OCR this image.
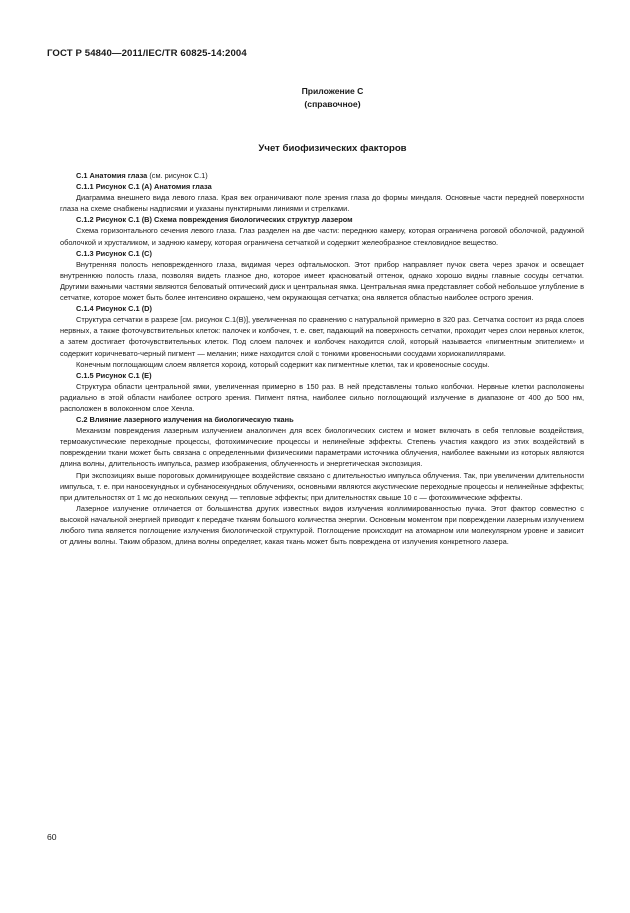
ГОСТ Р 54840—2011/IEC/TR 60825-14:2004
Приложение С
(справочное)
Учет биофизических факторов

С.1 Анатомия глаза (см. рисунок С.1)

С.1.1 Рисунок С.1 (А) Анатомия глаза

Диаграмма внешнего вида левого глаза. Края век ограничивают поле зрения глаза до формы миндаля. Основные части передней поверхности глаза на схеме снабжены надписями и указаны пунктирными линиями и стрелками.

С.1.2 Рисунок С.1 (В) Схема повреждения биологических структур лазером

Схема горизонтального сечения левого глаза. Глаз разделен на две части: переднюю камеру, которая ограничена роговой оболочкой, радужной оболочкой и хрусталиком, и заднюю камеру, которая ограничена сетчаткой и содержит желеобразное стекловидное вещество.

С.1.3 Рисунок С.1 (С)

Внутренняя полость неповрежденного глаза, видимая через офтальмоскоп. Этот прибор направляет пучок света через зрачок и освещает внутреннюю полость глаза, позволяя видеть глазное дно, которое имеет красноватый оттенок, однако хорошо видны главные сосуды сетчатки. Другими важными частями являются беловатый оптический диск и центральная ямка. Центральная ямка представляет собой небольшое углубление в сетчатке, которое может быть более интенсивно окрашено, чем окружающая сетчатка; она является областью наиболее острого зрения.

С.1.4 Рисунок С.1 (D)

Структура сетчатки в разрезе [см. рисунок С.1(В)], увеличенная по сравнению с натуральной примерно в 320 раз. Сетчатка состоит из ряда слоев нервных, а также фоточувствительных клеток: палочек и колбочек, т. е. свет, падающий на поверхность сетчатки, проходит через слои нервных клеток, а затем достигает фоточувствительных клеток. Под слоем палочек и колбочек находится слой, который называется «пигментным эпителием» и содержит коричневато-черный пигмент — меланин; ниже находится слой с тонкими кровеносными сосудами хориокапиллярами.

Конечным поглощающим слоем является хороид, который содержит как пигментные клетки, так и кровеносные сосуды.

С.1.5 Рисунок С.1 (Е)

Структура области центральной ямки, увеличенная примерно в 150 раз. В ней представлены только колбочки. Нервные клетки расположены радиально в этой области наиболее острого зрения. Пигмент пятна, наиболее сильно поглощающий излучение в диапазоне от 400 до 500 нм, расположен в волоконном слое Хенла.

С.2 Влияние лазерного излучения на биологическую ткань

Механизм повреждения лазерным излучением аналогичен для всех биологических систем и может включать в себя тепловые воздействия, термоакустические переходные процессы, фотохимические процессы и нелинейные эффекты. Степень участия каждого из этих воздействий в повреждении ткани может быть связана с определенными физическими параметрами источника облучения, наиболее важными из которых являются длина волны, длительность импульса, размер изображения, облученность и энергетическая экспозиция.

При экспозициях выше пороговых доминирующее воздействие связано с длительностью импульса облучения. Так, при увеличении длительности импульса, т. е. при наносекундных и субнаносекундных облучениях, основными являются акустические переходные процессы и нелинейные эффекты; при длительностях от 1 мс до нескольких секунд — тепловые эффекты; при длительностях свыше 10 с — фотохимические эффекты.

Лазерное излучение отличается от большинства других известных видов излучения коллимированностью пучка. Этот фактор совместно с высокой начальной энергией приводит к передаче тканям большого количества энергии. Основным моментом при повреждении лазерным излучением любого типа является поглощение излучения биологической структурой. Поглощение происходит на атомарном или молекулярном уровне и зависит от длины волны. Таким образом, длина волны определяет, какая ткань может быть повреждена от излучения конкретного лазера.

60
